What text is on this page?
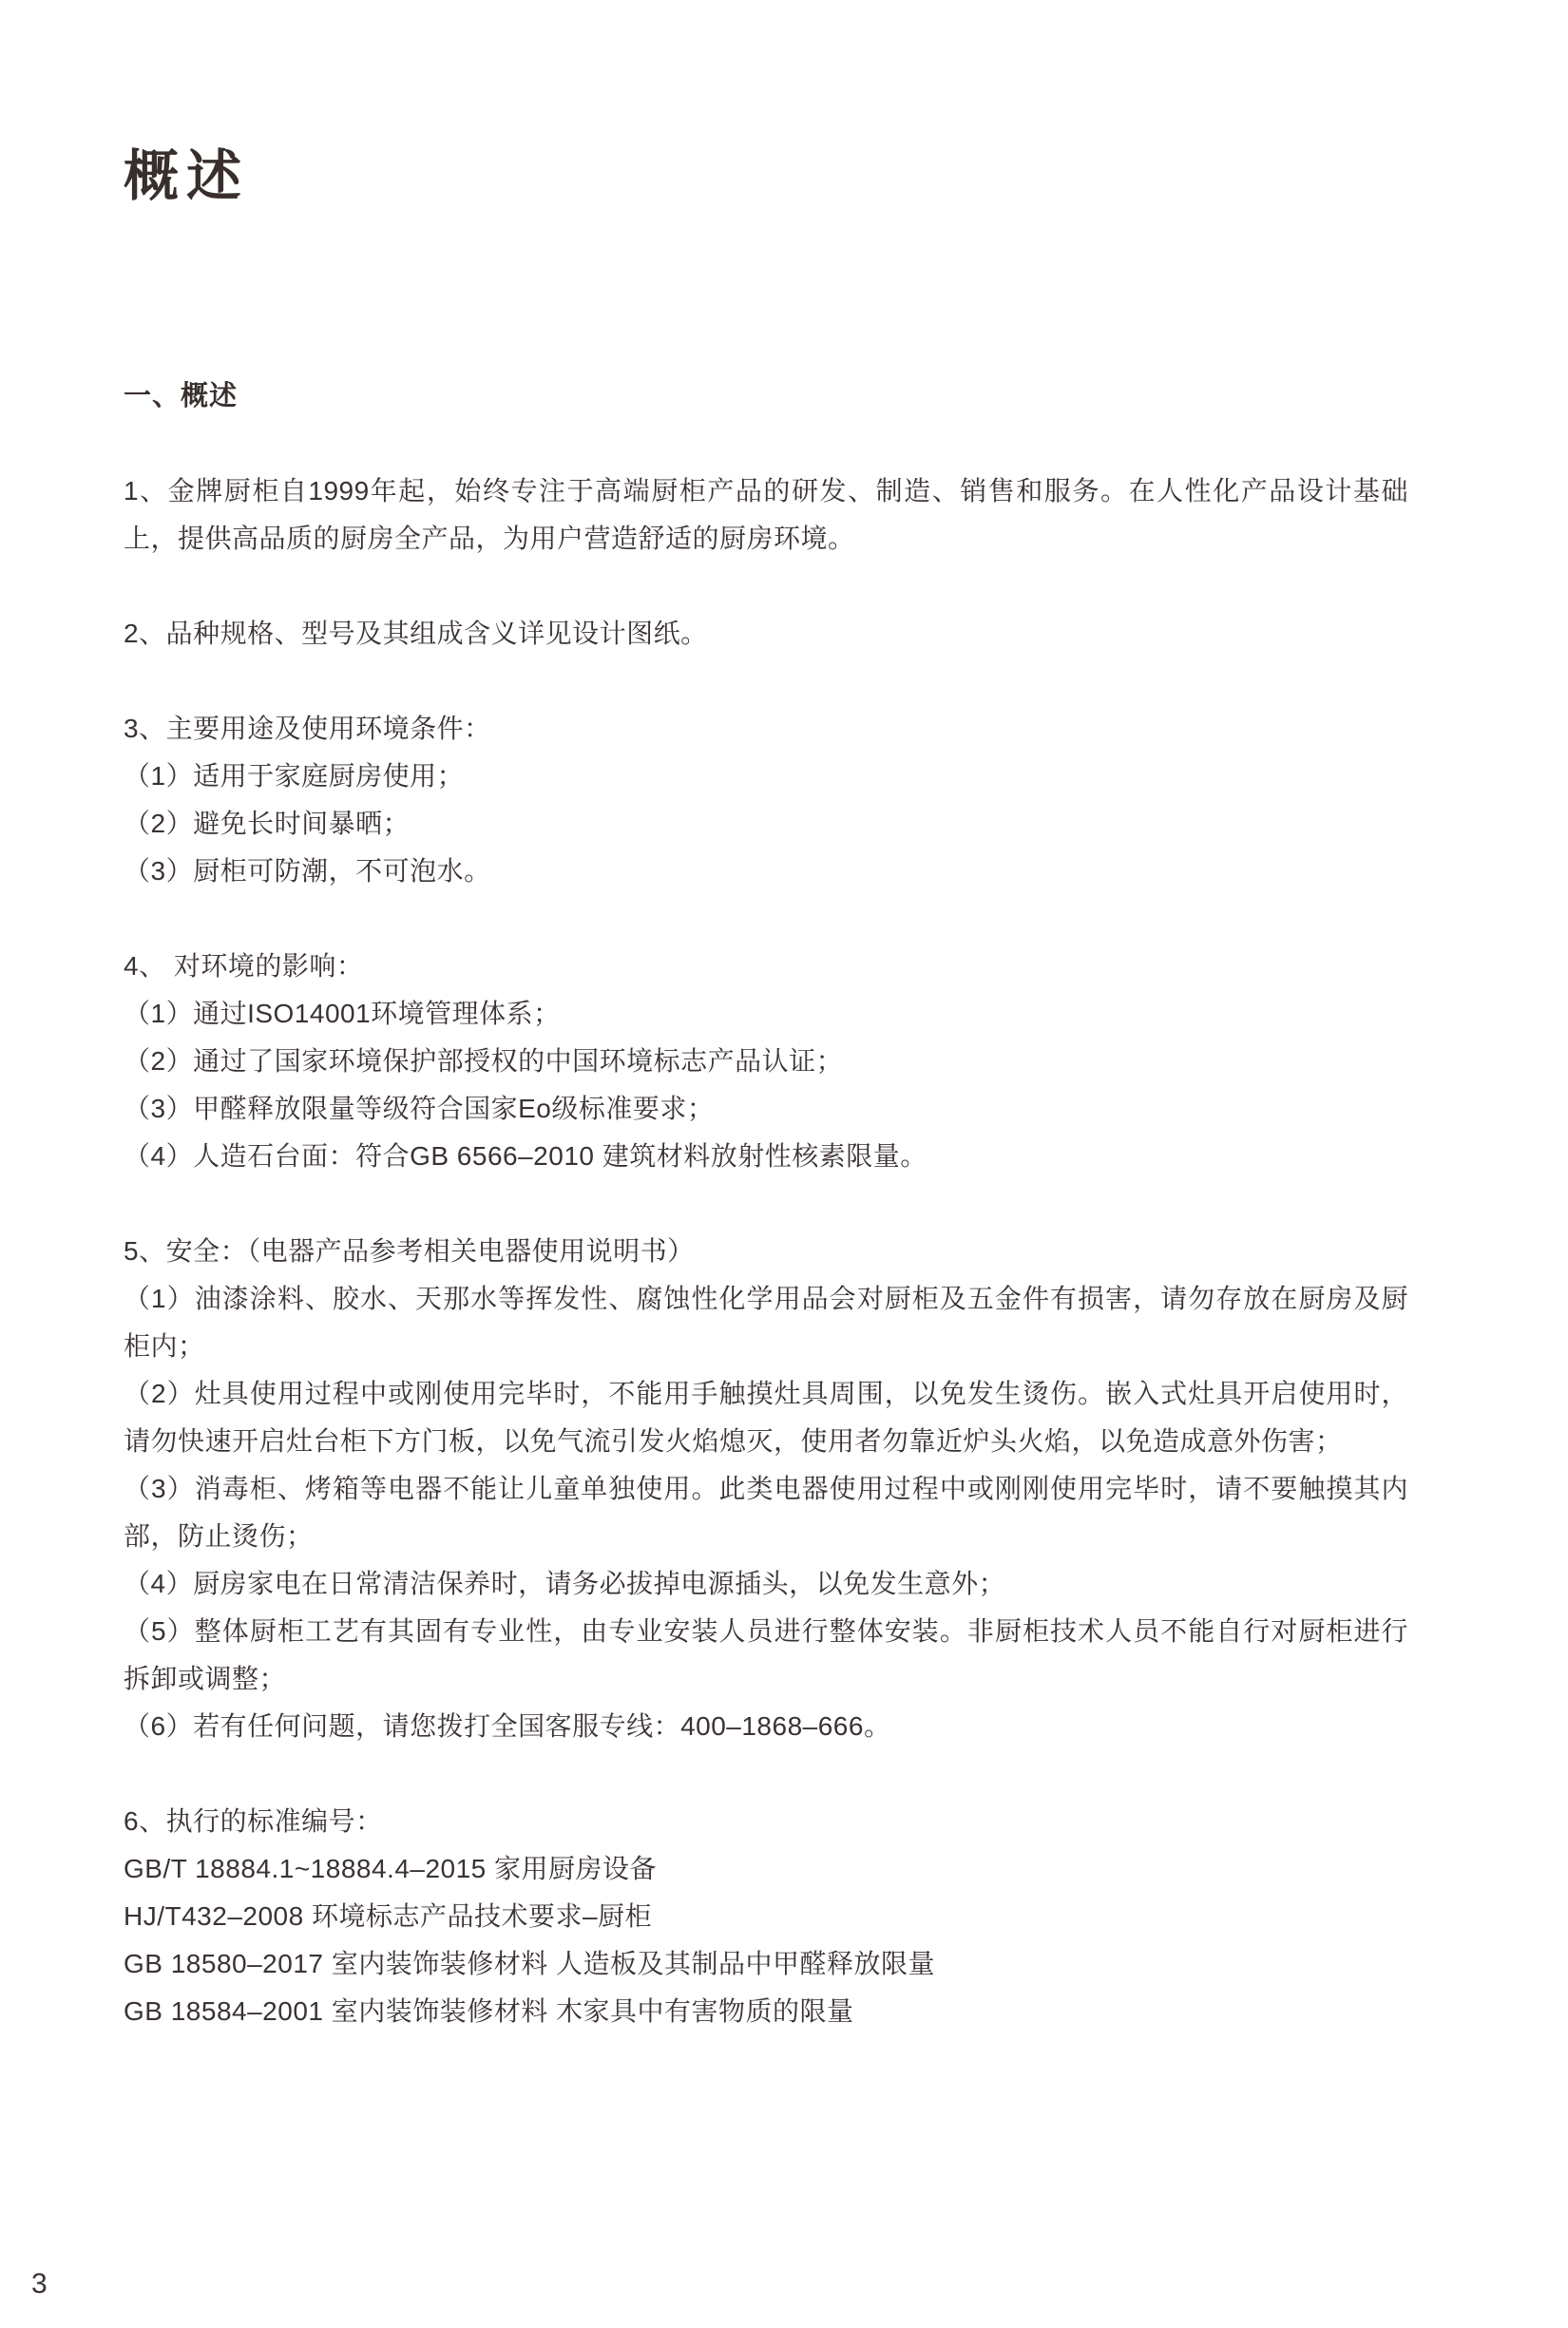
概述
一、概述

1、金牌厨柜自1999年起，始终专注于高端厨柜产品的研发、制造、销售和服务。在人性化产品设计基础上，提供高品质的厨房全产品，为用户营造舒适的厨房环境。

2、品种规格、型号及其组成含义详见设计图纸。

3、主要用途及使用环境条件：

（1）适用于家庭厨房使用；

（2）避免长时间暴晒；

（3）厨柜可防潮，不可泡水。

4、 对环境的影响：

（1）通过ISO14001环境管理体系；

（2）通过了国家环境保护部授权的中国环境标志产品认证；

（3）甲醛释放限量等级符合国家Eo级标准要求；

（4）人造石台面：符合GB 6566–2010 建筑材料放射性核素限量。

5、安全：（电器产品参考相关电器使用说明书）

（1）油漆涂料、胶水、天那水等挥发性、腐蚀性化学用品会对厨柜及五金件有损害，请勿存放在厨房及厨柜内；

（2）灶具使用过程中或刚使用完毕时，不能用手触摸灶具周围，以免发生烫伤。嵌入式灶具开启使用时，请勿快速开启灶台柜下方门板，以免气流引发火焰熄灭，使用者勿靠近炉头火焰，以免造成意外伤害；

（3）消毒柜、烤箱等电器不能让儿童单独使用。此类电器使用过程中或刚刚使用完毕时，请不要触摸其内部，防止烫伤；

（4）厨房家电在日常清洁保养时，请务必拔掉电源插头，以免发生意外；

（5）整体厨柜工艺有其固有专业性，由专业安装人员进行整体安装。非厨柜技术人员不能自行对厨柜进行拆卸或调整；

（6）若有任何问题，请您拨打全国客服专线：400–1868–666。

6、执行的标准编号：

GB/T 18884.1~18884.4–2015 家用厨房设备

HJ/T432–2008 环境标志产品技术要求–厨柜

GB 18580–2017 室内装饰装修材料 人造板及其制品中甲醛释放限量

GB 18584–2001 室内装饰装修材料 木家具中有害物质的限量

3
